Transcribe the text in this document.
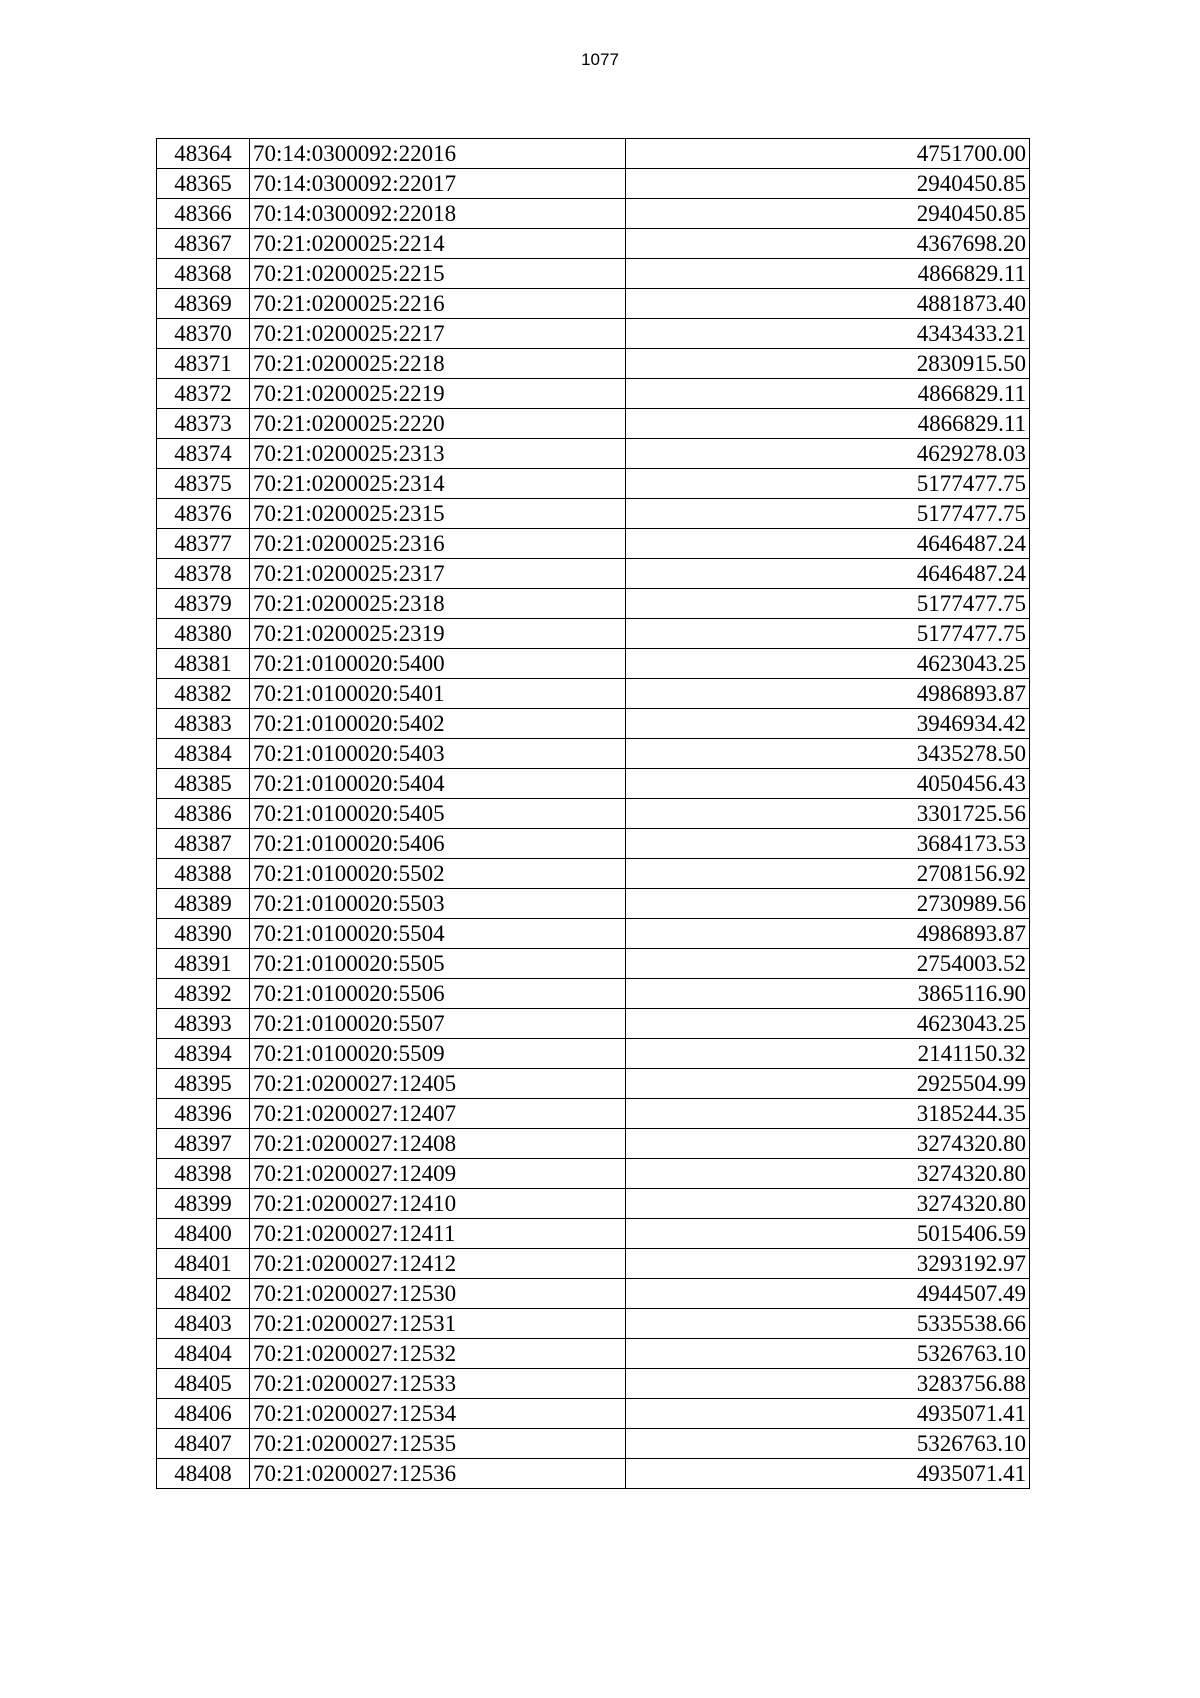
1077
48364	70:14:0300092:22016	4751700.00
48365	70:14:0300092:22017	2940450.85
48366	70:14:0300092:22018	2940450.85
48367	70:21:0200025:2214	4367698.20
48368	70:21:0200025:2215	4866829.11
48369	70:21:0200025:2216	4881873.40
48370	70:21:0200025:2217	4343433.21
48371	70:21:0200025:2218	2830915.50
48372	70:21:0200025:2219	4866829.11
48373	70:21:0200025:2220	4866829.11
48374	70:21:0200025:2313	4629278.03
48375	70:21:0200025:2314	5177477.75
48376	70:21:0200025:2315	5177477.75
48377	70:21:0200025:2316	4646487.24
48378	70:21:0200025:2317	4646487.24
48379	70:21:0200025:2318	5177477.75
48380	70:21:0200025:2319	5177477.75
48381	70:21:0100020:5400	4623043.25
48382	70:21:0100020:5401	4986893.87
48383	70:21:0100020:5402	3946934.42
48384	70:21:0100020:5403	3435278.50
48385	70:21:0100020:5404	4050456.43
48386	70:21:0100020:5405	3301725.56
48387	70:21:0100020:5406	3684173.53
48388	70:21:0100020:5502	2708156.92
48389	70:21:0100020:5503	2730989.56
48390	70:21:0100020:5504	4986893.87
48391	70:21:0100020:5505	2754003.52
48392	70:21:0100020:5506	3865116.90
48393	70:21:0100020:5507	4623043.25
48394	70:21:0100020:5509	2141150.32
48395	70:21:0200027:12405	2925504.99
48396	70:21:0200027:12407	3185244.35
48397	70:21:0200027:12408	3274320.80
48398	70:21:0200027:12409	3274320.80
48399	70:21:0200027:12410	3274320.80
48400	70:21:0200027:12411	5015406.59
48401	70:21:0200027:12412	3293192.97
48402	70:21:0200027:12530	4944507.49
48403	70:21:0200027:12531	5335538.66
48404	70:21:0200027:12532	5326763.10
48405	70:21:0200027:12533	3283756.88
48406	70:21:0200027:12534	4935071.41
48407	70:21:0200027:12535	5326763.10
48408	70:21:0200027:12536	4935071.41
